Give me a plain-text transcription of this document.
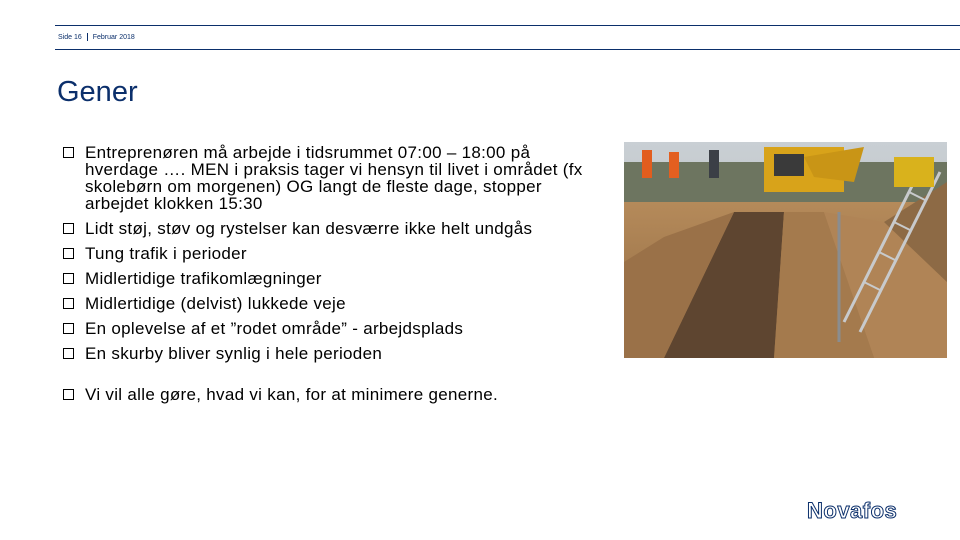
Side 16 Februar 2018
Gener
Entreprenøren må arbejde i tidsrummet 07:00 – 18:00 på hverdage …. MEN i praksis tager vi hensyn til livet i området (fx skolebørn om morgenen) OG langt de fleste dage, stopper arbejdet klokken 15:30
Lidt støj, støv og rystelser kan desværre ikke helt undgås
Tung trafik i perioder
Midlertidige trafikomlægninger
Midlertidige (delvist) lukkede veje
En oplevelse af et ”rodet område” - arbejdsplads
En skurby bliver synlig i hele perioden
Vi vil alle gøre, hvad vi kan, for at minimere generne.
Novafos
